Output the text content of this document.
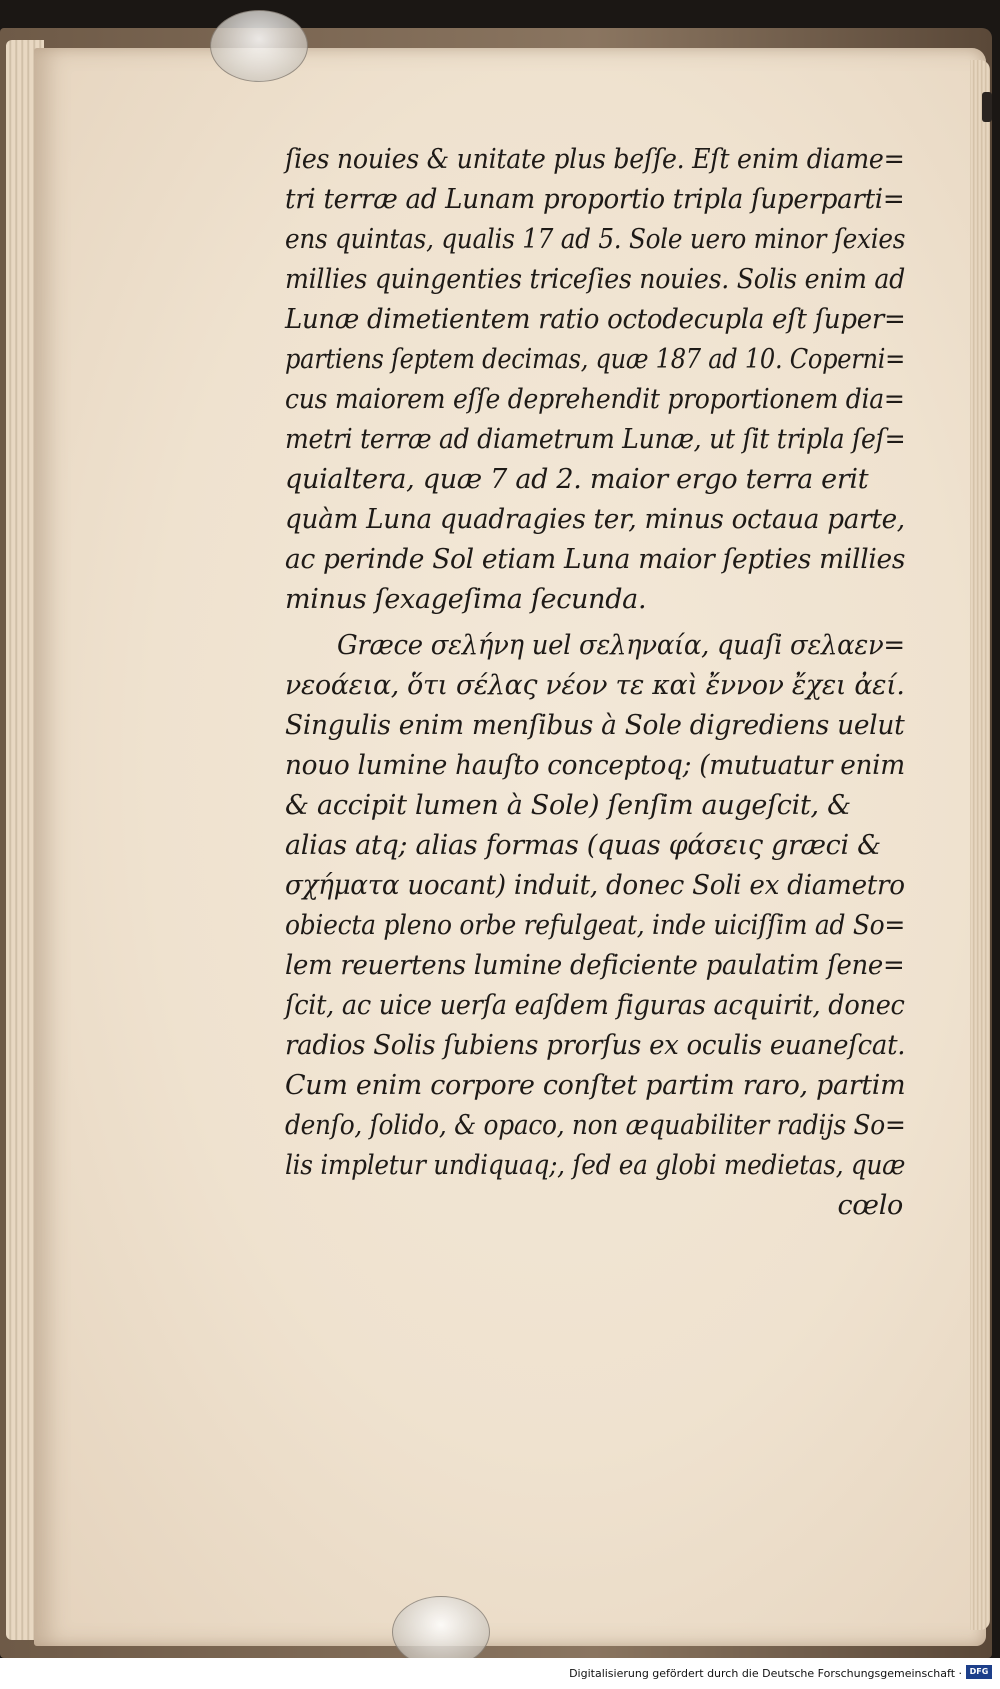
ſies nouies & unitate plus beſſe. Eſt enim diame=
tri terræ ad Lunam proportio tripla ſuperparti=
ens quintas, qualis 17 ad 5. Sole uero minor ſexies
millies quingenties triceſies nouies. Solis enim ad
Lunæ dimetientem ratio octodecupla eſt ſuper=
partiens ſeptem decimas, quæ 187 ad 10. Coperni=
cus maiorem eſſe deprehendit proportionem dia=
metri terræ ad diametrum Lunæ, ut ſit tripla ſeſ=
quialtera, quæ 7 ad 2. maior ergo terra erit
quàm Luna quadragies ter, minus octaua parte,
ac perinde Sol etiam Luna maior ſepties millies
minus ſexageſima ſecunda.
Græce σελήνη uel σεληναία, quaſi σελαεν=
νεοάεια, ὅτι σέλας νέον τε καὶ ἔννον ἔχει ἀεί.
Singulis enim menſibus à Sole digrediens uelut
nouo lumine hauſto conceptoq; (mutuatur enim
& accipit lumen à Sole) ſenſim augeſcit, &
alias atq; alias formas (quas φάσεις græci &
σχήματα uocant) induit, donec Soli ex diametro
obiecta pleno orbe refulgeat, inde uiciſſim ad So=
lem reuertens lumine deficiente paulatim ſene=
ſcit, ac uice uerſa eaſdem figuras acquirit, donec
radios Solis ſubiens prorſus ex oculis euaneſcat.
Cum enim corpore conſtet partim raro, partim
denſo, ſolido, & opaco, non æquabiliter radijs So=
lis impletur undiquaq;, ſed ea globi medietas, quæ
cœlo
Digitalisierung gefördert durch die Deutsche Forschungsgemeinschaft · DFG
